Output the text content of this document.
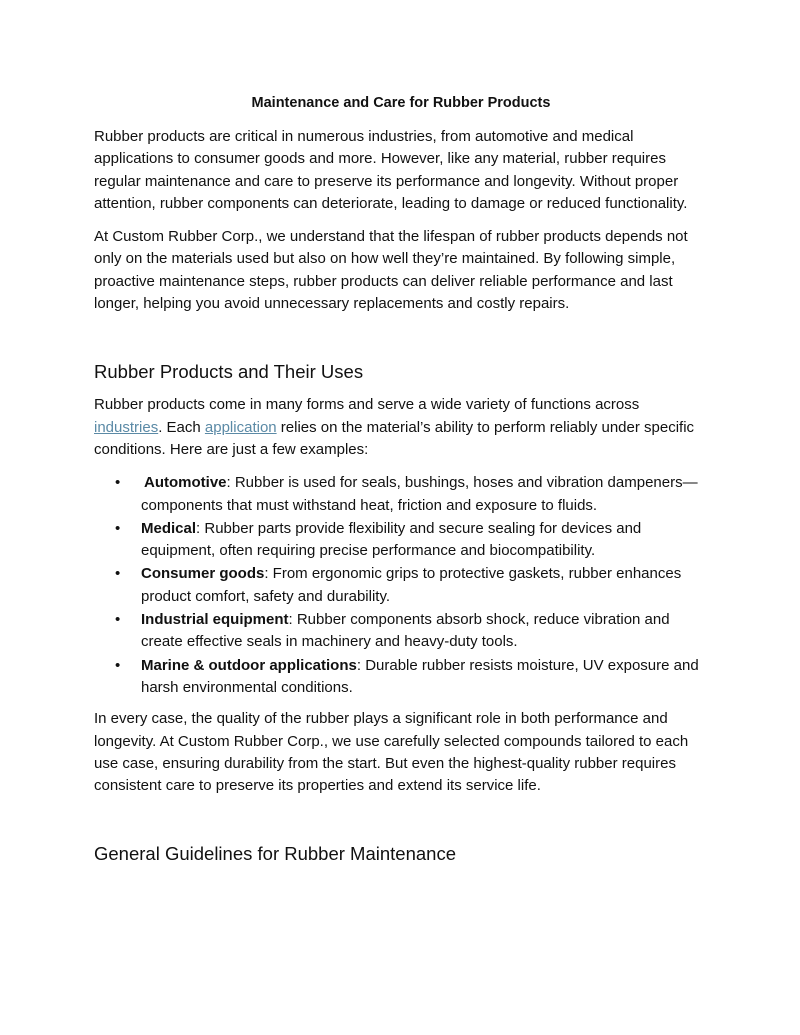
Maintenance and Care for Rubber Products

Rubber products are critical in numerous industries, from automotive and medical applications to consumer goods and more. However, like any material, rubber requires regular maintenance and care to preserve its performance and longevity. Without proper attention, rubber components can deteriorate, leading to damage or reduced functionality.

At Custom Rubber Corp., we understand that the lifespan of rubber products depends not only on the materials used but also on how well they’re maintained. By following simple, proactive maintenance steps, rubber products can deliver reliable performance and last longer, helping you avoid unnecessary replacements and costly repairs.

Rubber Products and Their Uses

Rubber products come in many forms and serve a wide variety of functions across industries. Each application relies on the material’s ability to perform reliably under specific conditions. Here are just a few examples:

• Automotive: Rubber is used for seals, bushings, hoses and vibration dampeners—components that must withstand heat, friction and exposure to fluids.
• Medical: Rubber parts provide flexibility and secure sealing for devices and equipment, often requiring precise performance and biocompatibility.
• Consumer goods: From ergonomic grips to protective gaskets, rubber enhances product comfort, safety and durability.
• Industrial equipment: Rubber components absorb shock, reduce vibration and create effective seals in machinery and heavy-duty tools.
• Marine & outdoor applications: Durable rubber resists moisture, UV exposure and harsh environmental conditions.

In every case, the quality of the rubber plays a significant role in both performance and longevity. At Custom Rubber Corp., we use carefully selected compounds tailored to each use case, ensuring durability from the start. But even the highest-quality rubber requires consistent care to preserve its properties and extend its service life.

General Guidelines for Rubber Maintenance
